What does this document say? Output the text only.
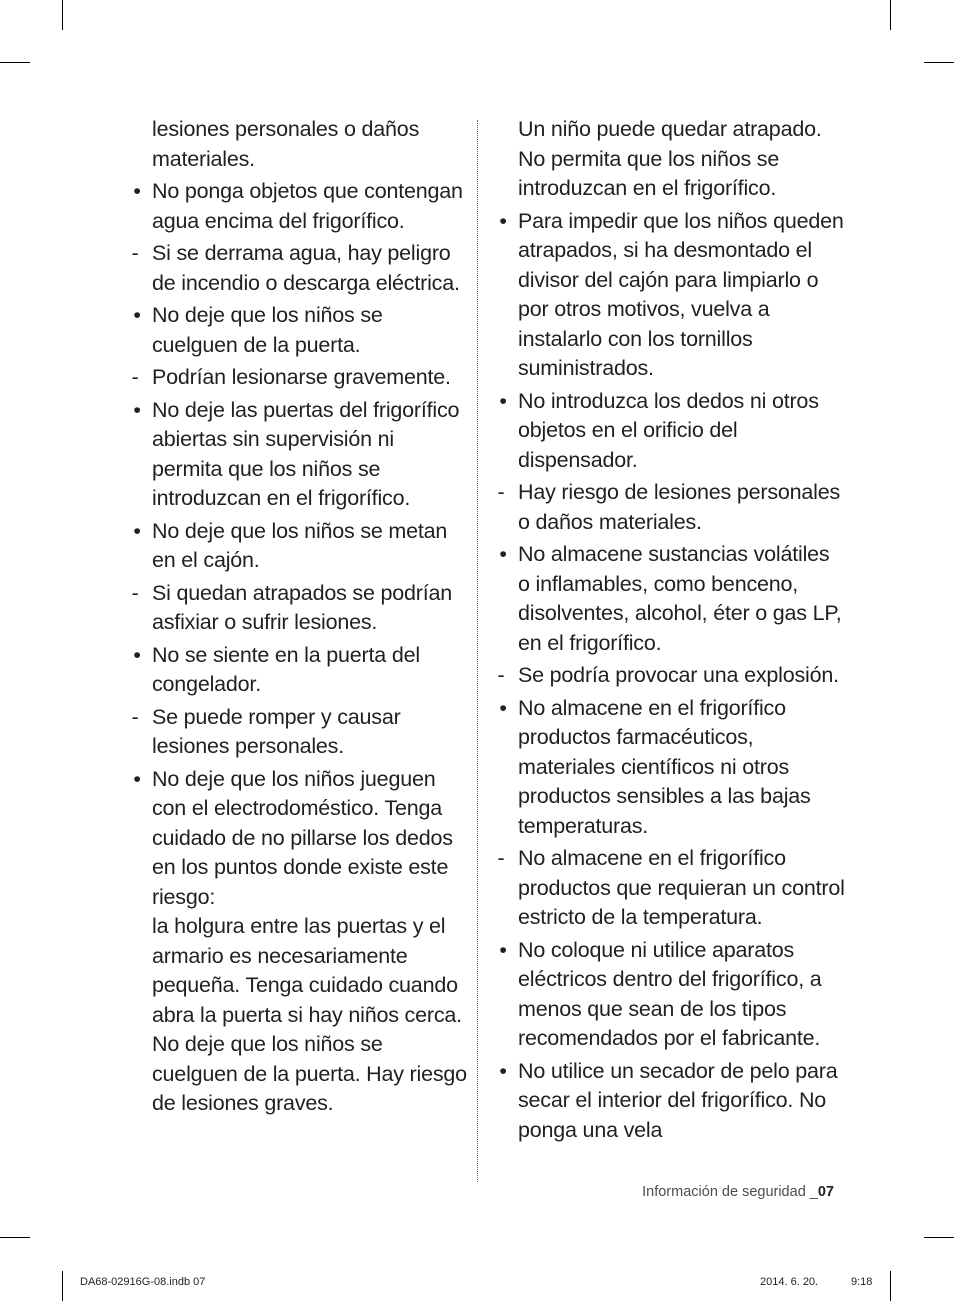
lesiones personales o daños materiales.

• No ponga objetos que contengan agua encima del frigorífico.

- Si se derrama agua, hay peligro de incendio o descarga eléctrica.

• No deje que los niños se cuelguen de la puerta.

- Podrían lesionarse gravemente.

• No deje las puertas del frigorífico abiertas sin supervisión ni permita que los niños se introduzcan en el frigorífico.

• No deje que los niños se metan en el cajón.

- Si quedan atrapados se podrían asfixiar o sufrir lesiones.

• No se siente en la puerta del congelador.

- Se puede romper y causar lesiones personales.

• No deje que los niños jueguen con el electrodoméstico. Tenga cuidado de no pillarse los dedos en los puntos donde existe este riesgo:

la holgura entre las puertas y el armario es necesariamente pequeña. Tenga cuidado cuando abra la puerta si hay niños cerca. No deje que los niños se cuelguen de la puerta. Hay riesgo de lesiones graves.

Un niño puede quedar atrapado. No permita que los niños se introduzcan en el frigorífico.

• Para impedir que los niños queden atrapados, si ha desmontado el divisor del cajón para limpiarlo o por otros motivos, vuelva a instalarlo con los tornillos suministrados.

• No introduzca los dedos ni otros objetos en el orificio del dispensador.

- Hay riesgo de lesiones personales o daños materiales.

• No almacene sustancias volátiles o inflamables, como benceno, disolventes, alcohol, éter o gas LP, en el frigorífico.

- Se podría provocar una explosión.

• No almacene en el frigorífico productos farmacéuticos, materiales científicos ni otros productos sensibles a las bajas temperaturas.

- No almacene en el frigorífico productos que requieran un control estricto de la temperatura.

• No coloque ni utilice aparatos eléctricos dentro del frigorífico, a menos que sean de los tipos recomendados por el fabricante.

• No utilice un secador de pelo para secar el interior del frigorífico. No ponga una vela

Información de seguridad _07
DA68-02916G-08.indb 07	2014. 6. 20.	9:18
